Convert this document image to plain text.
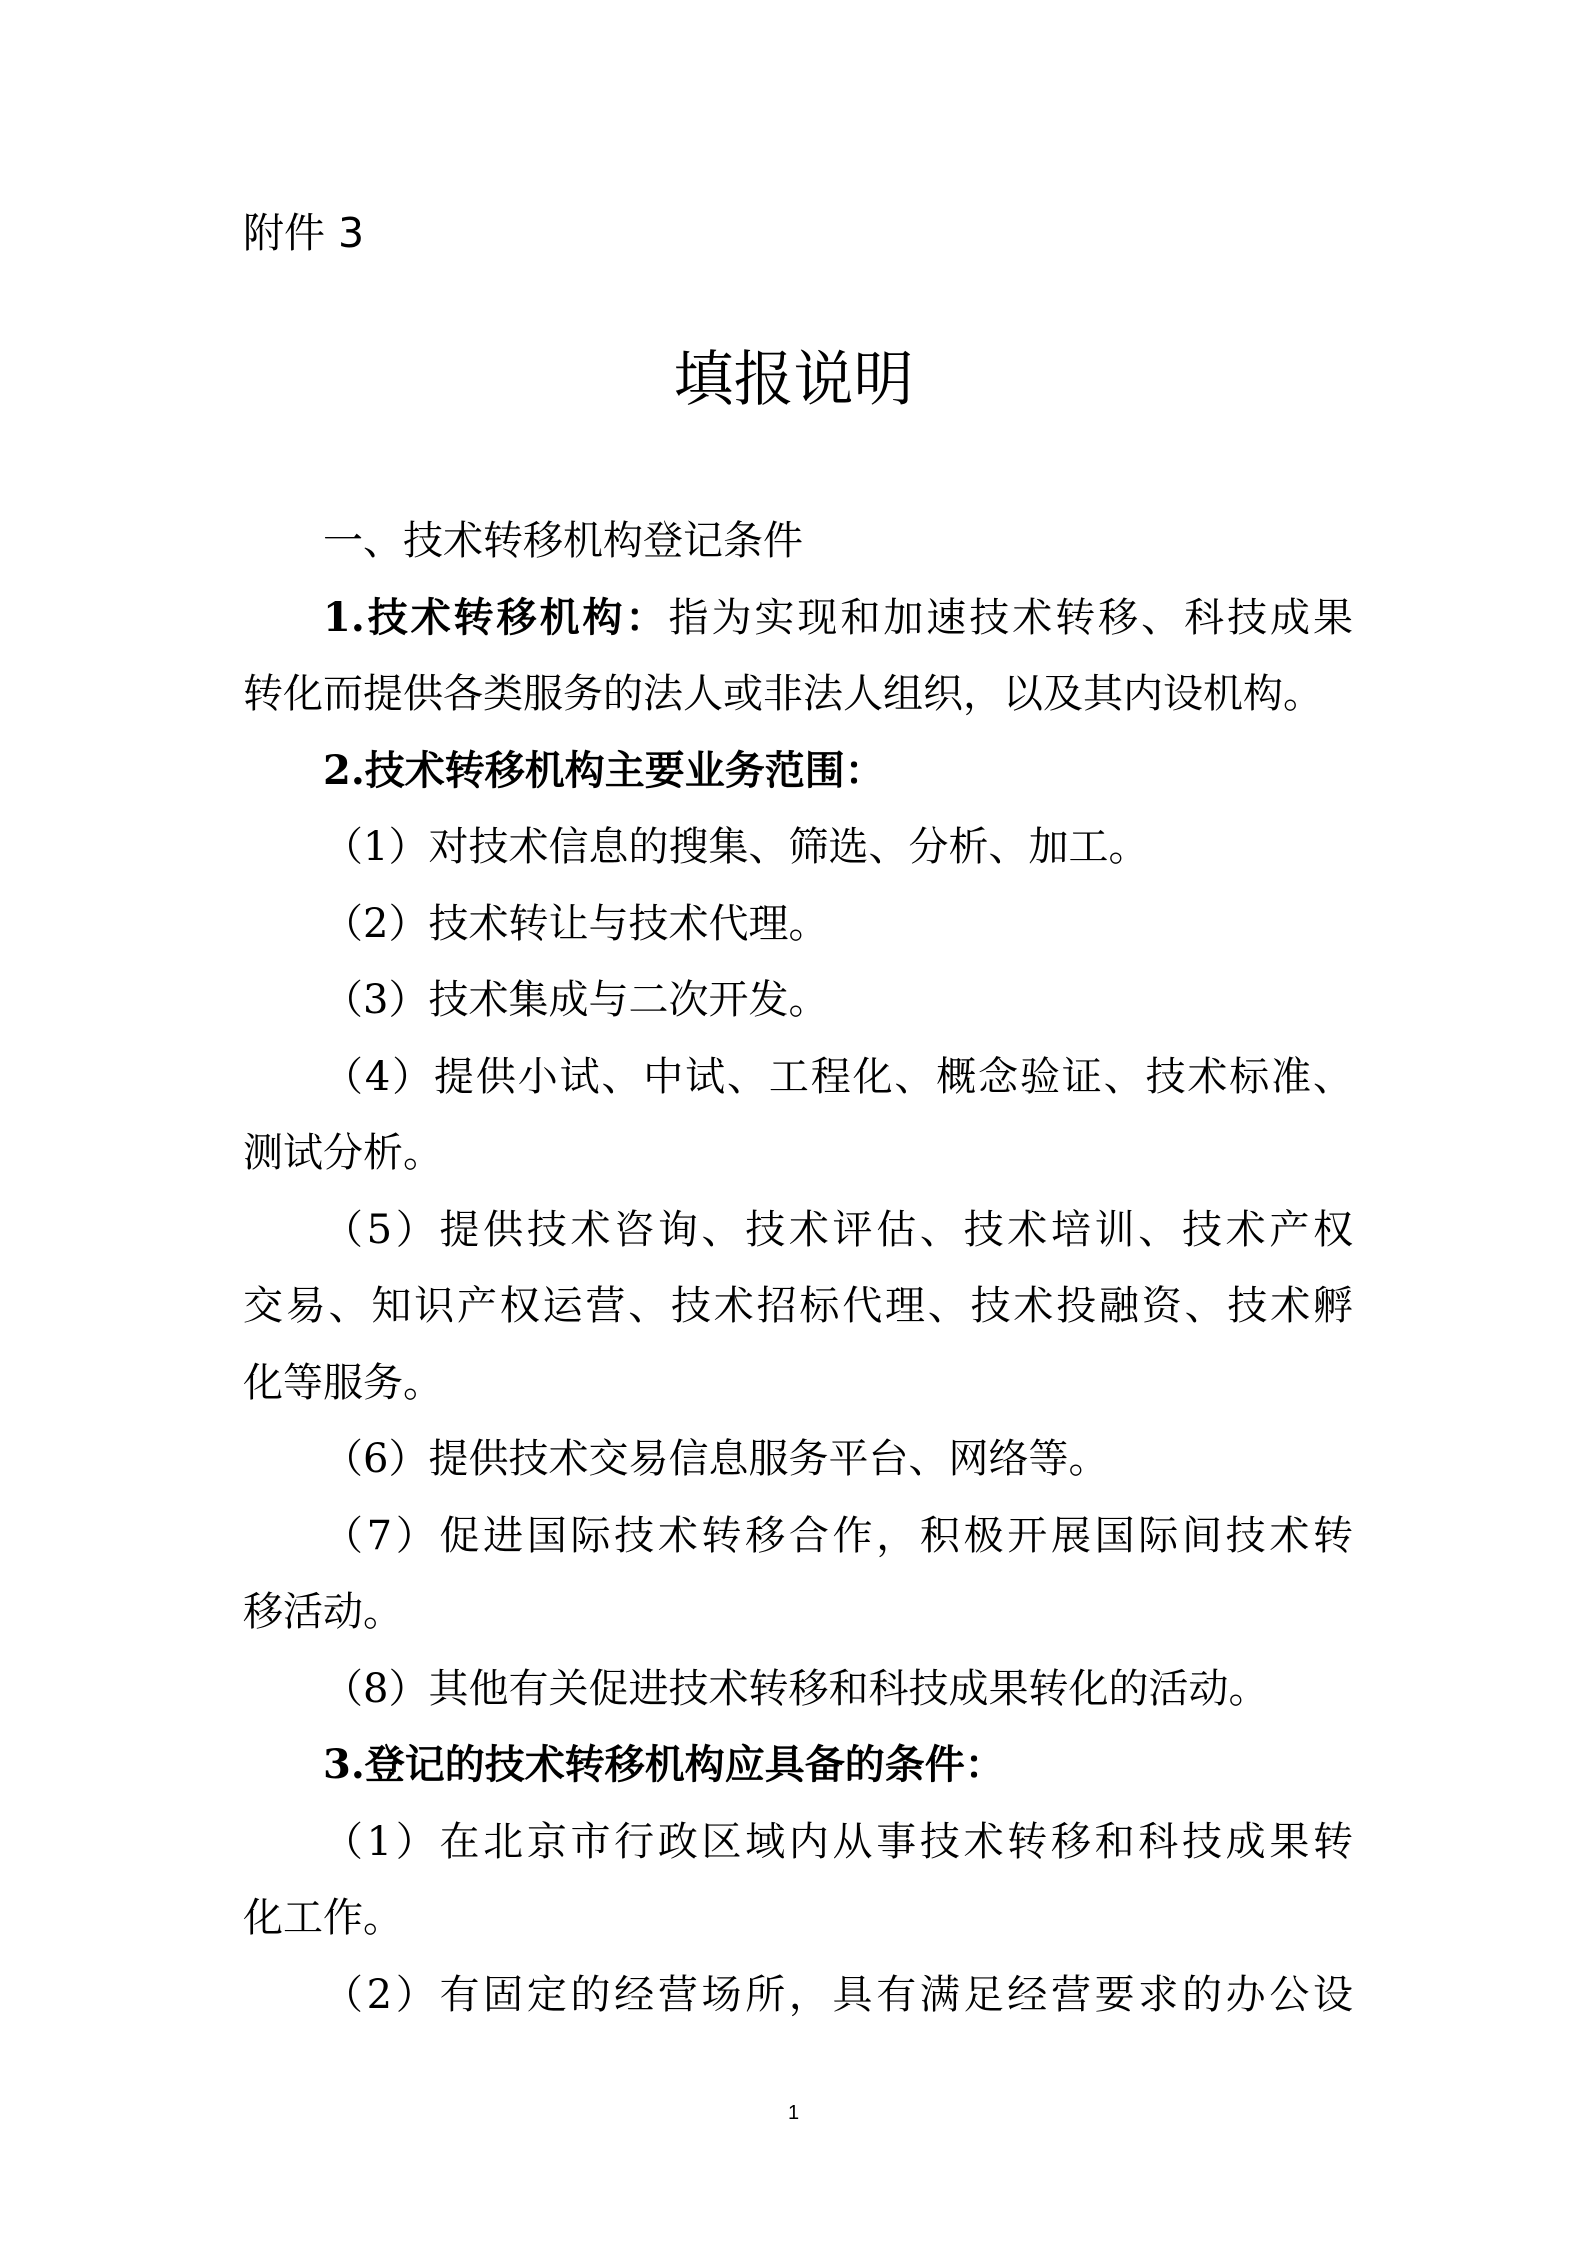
附件 3
填报说明
一、技术转移机构登记条件
1.技术转移机构：指为实现和加速技术转移、科技成果
转化而提供各类服务的法人或非法人组织，以及其内设机构。
2.技术转移机构主要业务范围：
（1）对技术信息的搜集、筛选、分析、加工。
（2）技术转让与技术代理。
（3）技术集成与二次开发。
（4）提供小试、中试、工程化、概念验证、技术标准、
测试分析。
（5）提供技术咨询、技术评估、技术培训、技术产权
交易、知识产权运营、技术招标代理、技术投融资、技术孵
化等服务。
（6）提供技术交易信息服务平台、网络等。
（7）促进国际技术转移合作，积极开展国际间技术转
移活动。
（8）其他有关促进技术转移和科技成果转化的活动。
3.登记的技术转移机构应具备的条件：
（1）在北京市行政区域内从事技术转移和科技成果转
化工作。
（2）有固定的经营场所，具有满足经营要求的办公设
1
